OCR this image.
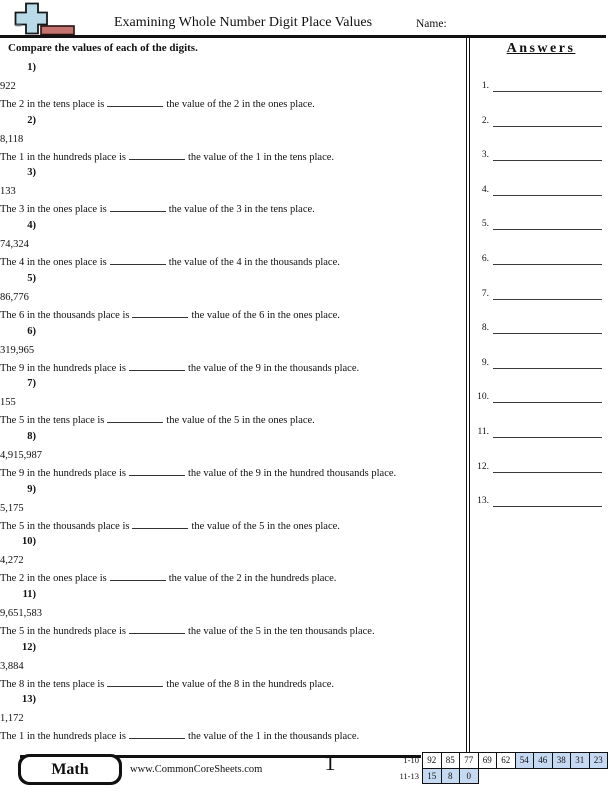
Examining Whole Number Digit Place Values	Name:
Compare the values of each of the digits.
1)
922
The 2 in the tens place is	the value of the 2 in the ones place.
2)
8,118
The 1 in the hundreds place is	the value of the 1 in the tens place.
3)
133
The 3 in the ones place is	the value of the 3 in the tens place.
4)
74,324
The 4 in the ones place is	the value of the 4 in the thousands place.
5)
86,776
The 6 in the thousands place is	the value of the 6 in the ones place.
6)
319,965
The 9 in the hundreds place is	the value of the 9 in the thousands place.
7)
155
The 5 in the tens place is	the value of the 5 in the ones place.
8)
4,915,987
The 9 in the hundreds place is	the value of the 9 in the hundred thousands place.
9)
5,175
The 5 in the thousands place is	the value of the 5 in the ones place.
10)
4,272
The 2 in the ones place is	the value of the 2 in the hundreds place.
11)
9,651,583
The 5 in the hundreds place is	the value of the 5 in the ten thousands place.
12)
3,884
The 8 in the tens place is	the value of the 8 in the hundreds place.
13)
1,172
The 1 in the hundreds place is	the value of the 1 in the thousands place.
Answers
1.
2.
3.
4.
5.
6.
7.
8.
9.
10.
11.
12.
13.
Math	www.CommonCoreSheets.com	1	1-10 92	85	77	69	62	54	46	38	31	23
11-13 15	8	0
